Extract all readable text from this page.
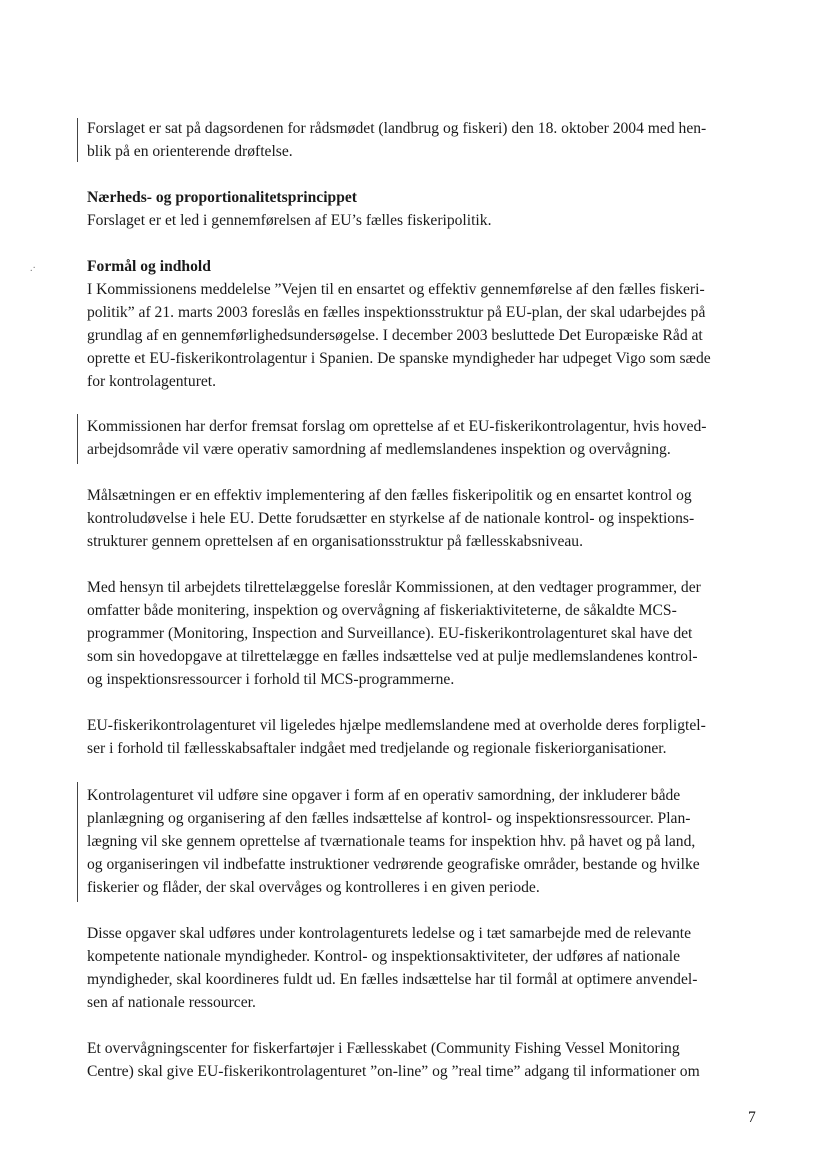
.·

Forslaget er sat på dagsordenen for rådsmødet (landbrug og fiskeri) den 18. oktober 2004 med hen-

blik på en orienterende drøftelse.

Nærheds- og proportionalitetsprincippet

Forslaget er et led i gennemførelsen af EU’s fælles fiskeripolitik.

Formål og indhold

I Kommissionens meddelelse ”Vejen til en ensartet og effektiv gennemførelse af den fælles fiskeri-

politik” af 21. marts 2003 foreslås en fælles inspektionsstruktur på EU-plan, der skal udarbejdes på

grundlag af en gennemførlighedsundersøgelse. I december 2003 besluttede Det Europæiske Råd at

oprette et EU-fiskerikontrolagentur i Spanien. De spanske myndigheder har udpeget Vigo som sæde

for kontrolagenturet.

Kommissionen har derfor fremsat forslag om oprettelse af et EU-fiskerikontrolagentur, hvis hoved-

arbejdsområde vil være operativ samordning af medlemslandenes inspektion og overvågning.

Målsætningen er en effektiv implementering af den fælles fiskeripolitik og en ensartet kontrol og

kontroludøvelse i hele EU. Dette forudsætter en styrkelse af de nationale kontrol- og inspektions-

strukturer gennem oprettelsen af en organisationsstruktur på fællesskabsniveau.

Med hensyn til arbejdets tilrettelæggelse foreslår Kommissionen, at den vedtager programmer, der

omfatter både monitering, inspektion og overvågning af fiskeriaktiviteterne, de såkaldte MCS-

programmer (Monitoring, Inspection and Surveillance). EU-fiskerikontrolagenturet skal have det

som sin hovedopgave at tilrettelægge en fælles indsættelse ved at pulje medlemslandenes kontrol-

og inspektionsressourcer i forhold til MCS-programmerne.

EU-fiskerikontrolagenturet vil ligeledes hjælpe medlemslandene med at overholde deres forpligtel-

ser i forhold til fællesskabsaftaler indgået med tredjelande og regionale fiskeriorganisationer.

Kontrolagenturet vil udføre sine opgaver i form af en operativ samordning, der inkluderer både

planlægning og organisering af den fælles indsættelse af kontrol- og inspektionsressourcer. Plan-

lægning vil ske gennem oprettelse af tværnationale teams for inspektion hhv. på havet og på land,

og organiseringen vil indbefatte instruktioner vedrørende geografiske områder, bestande og hvilke

fiskerier og flåder, der skal overvåges og kontrolleres i en given periode.

Disse opgaver skal udføres under kontrolagenturets ledelse og i tæt samarbejde med de relevante

kompetente nationale myndigheder. Kontrol- og inspektionsaktiviteter, der udføres af nationale

myndigheder, skal koordineres fuldt ud. En fælles indsættelse har til formål at optimere anvendel-

sen af nationale ressourcer.

Et overvågningscenter for fiskerfartøjer i Fællesskabet (Community Fishing Vessel Monitoring

Centre) skal give EU-fiskerikontrolagenturet ”on-line” og ”real time” adgang til informationer om

7
